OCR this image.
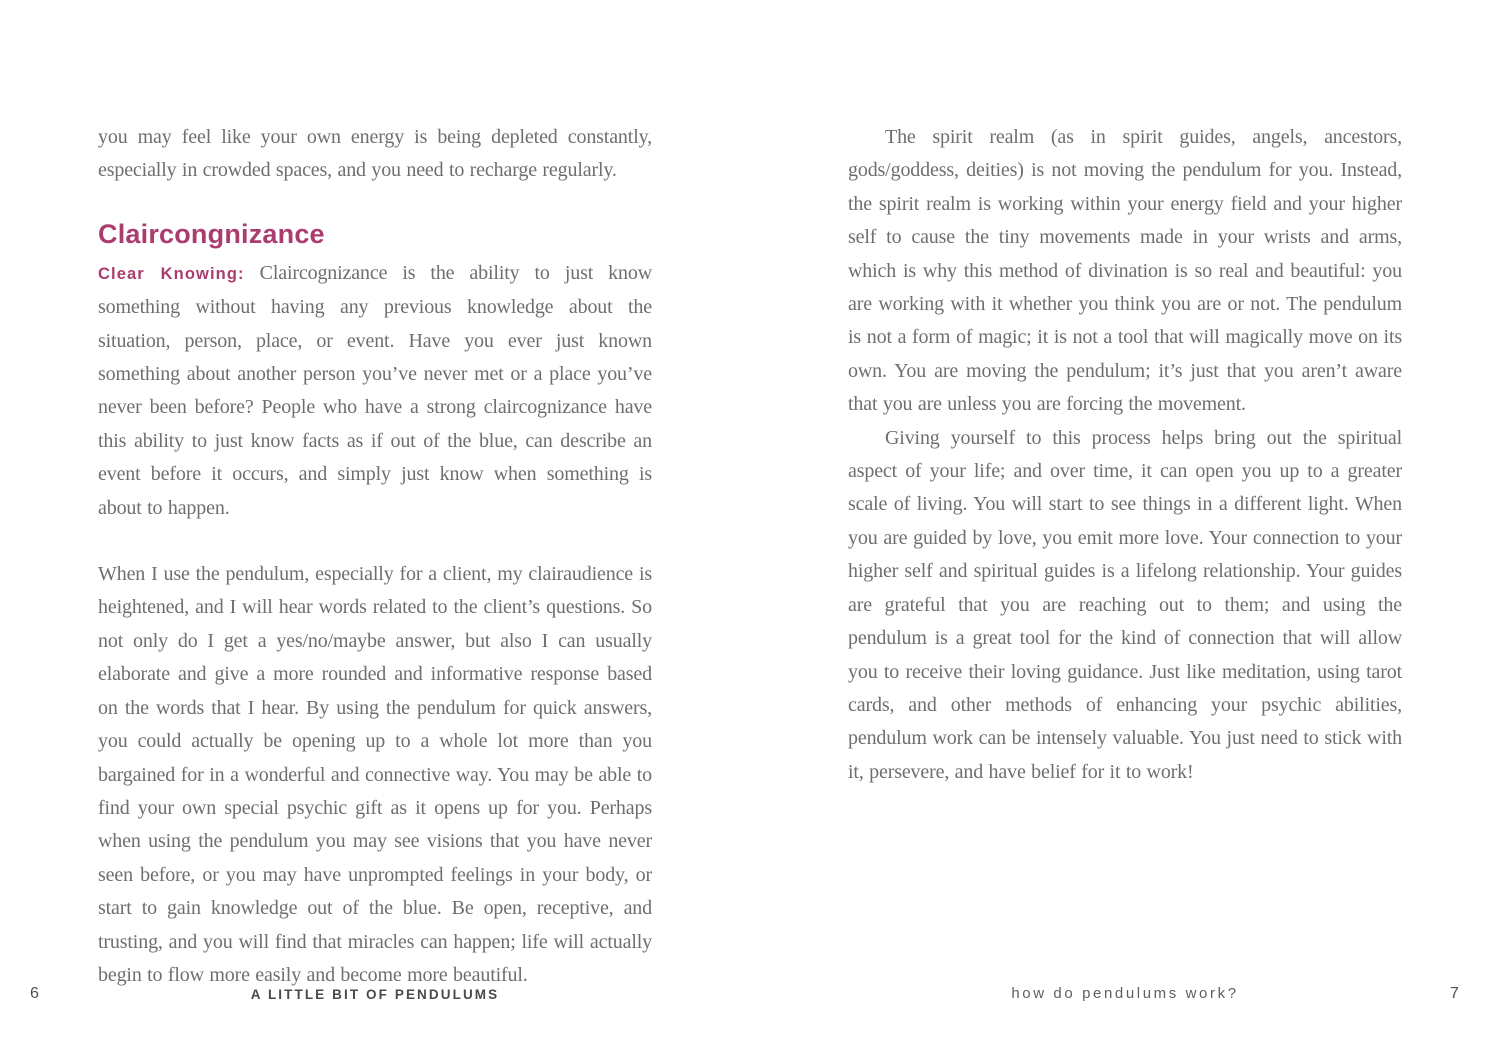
you may feel like your own energy is being depleted constantly, especially in crowded spaces, and you need to recharge regularly.

Claircongnizance

Clear Knowing: Claircognizance is the ability to just know something without having any previous knowledge about the situation, person, place, or event. Have you ever just known something about another person you’ve never met or a place you’ve never been before? People who have a strong claircognizance have this ability to just know facts as if out of the blue, can describe an event before it occurs, and simply just know when something is about to happen.

When I use the pendulum, especially for a client, my clairaudience is heightened, and I will hear words related to the client’s questions. So not only do I get a yes/no/maybe answer, but also I can usually elaborate and give a more rounded and informative response based on the words that I hear. By using the pendulum for quick answers, you could actually be opening up to a whole lot more than you bargained for in a wonderful and connective way. You may be able to find your own special psychic gift as it opens up for you. Perhaps when using the pendulum you may see visions that you have never seen before, or you may have unprompted feelings in your body, or start to gain knowledge out of the blue. Be open, receptive, and trusting, and you will find that miracles can happen; life will actually begin to flow more easily and become more beautiful.

The spirit realm (as in spirit guides, angels, ancestors, gods/goddess, deities) is not moving the pendulum for you. Instead, the spirit realm is working within your energy field and your higher self to cause the tiny movements made in your wrists and arms, which is why this method of divination is so real and beautiful: you are working with it whether you think you are or not. The pendulum is not a form of magic; it is not a tool that will magically move on its own. You are moving the pendulum; it’s just that you aren’t aware that you are unless you are forcing the movement.

Giving yourself to this process helps bring out the spiritual aspect of your life; and over time, it can open you up to a greater scale of living. You will start to see things in a different light. When you are guided by love, you emit more love. Your connection to your higher self and spiritual guides is a lifelong relationship. Your guides are grateful that you are reaching out to them; and using the pendulum is a great tool for the kind of connection that will allow you to receive their loving guidance. Just like meditation, using tarot cards, and other methods of enhancing your psychic abilities, pendulum work can be intensely valuable. You just need to stick with it, persevere, and have belief for it to work!

6	A LITTLE BIT OF PENDULUMS	how do pendulums work?	7
